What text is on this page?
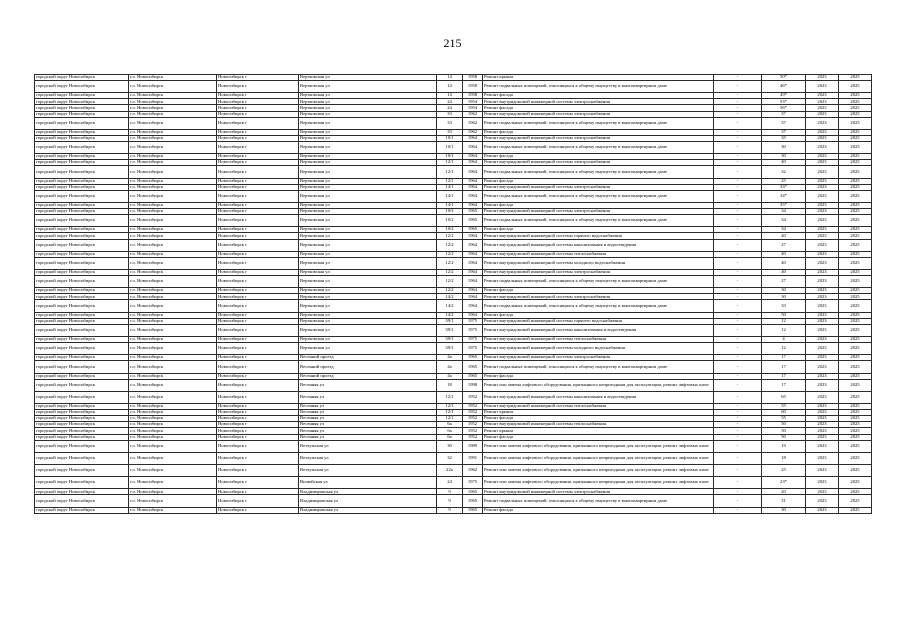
215
городской округ Новосибирск	г.о. Новосибирск	Новосибирск г	Вертковская ул	14	1958	Ремонт крыши	-	50*	2023	2025
городской округ Новосибирск	г.о. Новосибирск	Новосибирск г	Вертковская ул	14	1958	Ремонт подвальных помещений, относящихся к общему имуществу в многоквартирном доме	-	46*	2023	2025
городской округ Новосибирск	г.о. Новосибирск	Новосибирск г	Вертковская ул	14	1958	Ремонт фасада	-	49*	2023	2025
городской округ Новосибирск	г.о. Новосибирск	Новосибирск г	Вертковская ул	24	1954	Ремонт внутридомовой инженерной системы электроснабжения	-	53*	2023	2025
городской округ Новосибирск	г.о. Новосибирск	Новосибирск г	Вертковская ул	24	1954	Ремонт фасада	-	56*	2023	2025
городской округ Новосибирск	г.о. Новосибирск	Новосибирск г	Вертковская ул	33	1962	Ремонт внутридомовой инженерной системы электроснабжения	-	37	2023	2025
городской округ Новосибирск	г.о. Новосибирск	Новосибирск г	Вертковская ул	33	1962	Ремонт подвальных помещений, относящихся к общему имуществу в многоквартирном доме	-	37	2023	2025
городской округ Новосибирск	г.о. Новосибирск	Новосибирск г	Вертковская ул	33	1962	Ремонт фасада	-	37	2023	2025
городской округ Новосибирск	г.о. Новосибирск	Новосибирск г	Вертковская ул	10/1	1964	Ремонт внутридомовой инженерной системы электроснабжения	-	35	2023	2025
городской округ Новосибирск	г.о. Новосибирск	Новосибирск г	Вертковская ул	10/1	1964	Ремонт подвальных помещений, относящихся к общему имуществу в многоквартирном доме	-	30	2023	2025
городской округ Новосибирск	г.о. Новосибирск	Новосибирск г	Вертковская ул	10/1	1964	Ремонт фасада	-	30	2023	2025
городской округ Новосибирск	г.о. Новосибирск	Новосибирск г	Вертковская ул	12/1	1964	Ремонт внутридомовой инженерной системы электроснабжения	-	40	2023	2025
городской округ Новосибирск	г.о. Новосибирск	Новосибирск г	Вертковская ул	12/1	1964	Ремонт подвальных помещений, относящихся к общему имуществу в многоквартирном доме	-	32	2023	2025
городской округ Новосибирск	г.о. Новосибирск	Новосибирск г	Вертковская ул	12/1	1964	Ремонт фасада	-	25	2023	2025
городской округ Новосибирск	г.о. Новосибирск	Новосибирск г	Вертковская ул	14/1	1964	Ремонт внутридомовой инженерной системы электроснабжения	-	33*	2023	2025
городской округ Новосибирск	г.о. Новосибирск	Новосибирск г	Вертковская ул	14/1	1964	Ремонт подвальных помещений, относящихся к общему имуществу в многоквартирном доме	-	34*	2023	2025
городской округ Новосибирск	г.о. Новосибирск	Новосибирск г	Вертковская ул	14/1	1964	Ремонт фасада	-	35*	2023	2025
городской округ Новосибирск	г.о. Новосибирск	Новосибирск г	Вертковская ул	10/2	1965	Ремонт внутридомовой инженерной системы электроснабжения	-	34	2023	2025
городской округ Новосибирск	г.о. Новосибирск	Новосибирск г	Вертковская ул	10/2	1965	Ремонт подвальных помещений, относящихся к общему имуществу в многоквартирном доме	-	34	2023	2025
городской округ Новосибирск	г.о. Новосибирск	Новосибирск г	Вертковская ул	10/2	1965	Ремонт фасада	-	34	2023	2025
городской округ Новосибирск	г.о. Новосибирск	Новосибирск г	Вертковская ул	12/2	1964	Ремонт внутридомовой инженерной системы горячего водоснабжения	-	40	2023	2025
городской округ Новосибирск	г.о. Новосибирск	Новосибирск г	Вертковская ул	12/2	1964	Ремонт внутридомовой инженерной системы канализования и водоотведения	-	27	2023	2025
городской округ Новосибирск	г.о. Новосибирск	Новосибирск г	Вертковская ул	12/2	1964	Ремонт внутридомовой инженерной системы теплоснабжения	-	40	2023	2025
городской округ Новосибирск	г.о. Новосибирск	Новосибирск г	Вертковская ул	12/2	1964	Ремонт внутридомовой инженерной системы холодного водоснабжения	-	40	2023	2025
городской округ Новосибирск	г.о. Новосибирск	Новосибирск г	Вертковская ул	12/2	1964	Ремонт внутридомовой инженерной системы электроснабжения	-	40	2023	2025
городской округ Новосибирск	г.о. Новосибирск	Новосибирск г	Вертковская ул	12/2	1964	Ремонт подвальных помещений, относящихся к общему имуществу в многоквартирном доме	-	27	2023	2025
городской округ Новосибирск	г.о. Новосибирск	Новосибирск г	Вертковская ул	12/2	1964	Ремонт фасада	-	30	2023	2025
городской округ Новосибирск	г.о. Новосибирск	Новосибирск г	Вертковская ул	14/2	1964	Ремонт внутридомовой инженерной системы электроснабжения	-	30	2023	2025
городской округ Новосибирск	г.о. Новосибирск	Новосибирск г	Вертковская ул	14/2	1964	Ремонт подвальных помещений, относящихся к общему имуществу в многоквартирном доме	-	33	2023	2025
городской округ Новосибирск	г.о. Новосибирск	Новосибирск г	Вертковская ул	14/2	1964	Ремонт фасада	-	50	2023	2025
городской округ Новосибирск	г.о. Новосибирск	Новосибирск г	Вертковская ул	39/1	1975	Ремонт внутридомовой инженерной системы горячего водоснабжения	-	12	2023	2025
городской округ Новосибирск	г.о. Новосибирск	Новосибирск г	Вертковская ул	39/1	1975	Ремонт внутридомовой инженерной системы канализования и водоотведения	-	12	2023	2025
городской округ Новосибирск	г.о. Новосибирск	Новосибирск г	Вертковская ул	39/1	1975	Ремонт внутридомовой инженерной системы теплоснабжения	-	4	2023	2025
городской округ Новосибирск	г.о. Новосибирск	Новосибирск г	Вертковская ул	39/1	1975	Ремонт внутридомовой инженерной системы холодного водоснабжения	-	12	2023	2025
городской округ Новосибирск	г.о. Новосибирск	Новосибирск г	Весенний проезд	4а	1965	Ремонт внутридомовой инженерной системы электроснабжения	-	17	2023	2025
городской округ Новосибирск	г.о. Новосибирск	Новосибирск г	Весенний проезд	4а	1965	Ремонт подвальных помещений, относящихся к общему имуществу в многоквартирном доме	-	17	2023	2025
городской округ Новосибирск	г.о. Новосибирск	Новосибирск г	Весенний проезд	4а	1965	Ремонт фасада	-	17	2023	2025
городской округ Новосибирск	г.о. Новосибирск	Новосибирск г	Весенняя ул	18	1998	Ремонт или замена лифтового оборудования, признанного непригодным для эксплуатации, ремонт лифтовых шахт	-	17	2023	2025
городской округ Новосибирск	г.о. Новосибирск	Новосибирск г	Весенняя ул	12/1	1952	Ремонт внутридомовой инженерной системы канализования и водоотведения	-	65	2023	2025
городской округ Новосибирск	г.о. Новосибирск	Новосибирск г	Весенняя ул	12/1	1952	Ремонт внутридомовой инженерной системы теплоснабжения	-	55	2023	2025
городской округ Новосибирск	г.о. Новосибирск	Новосибирск г	Весенняя ул	12/1	1952	Ремонт крыши	-	60	2023	2025
городской округ Новосибирск	г.о. Новосибирск	Новосибирск г	Весенняя ул	12/1	1952	Ремонт фасада	-	55	2023	2025
городской округ Новосибирск	г.о. Новосибирск	Новосибирск г	Весенняя ул	6а	1952	Ремонт внутридомовой инженерной системы теплоснабжения	-	50	2023	2025
городской округ Новосибирск	г.о. Новосибирск	Новосибирск г	Весенняя ул	6а	1952	Ремонт крыши	-	50	2023	2025
городской округ Новосибирск	г.о. Новосибирск	Новосибирск г	Весенняя ул	6а	1952	Ремонт фасада	-	50	2023	2025
городской округ Новосибирск	г.о. Новосибирск	Новосибирск г	Ветлужская ул	30	1989	Ремонт или замена лифтового оборудования, признанного непригодным для эксплуатации, ремонт лифтовых шахт	-	19	2023	2025
городской округ Новосибирск	г.о. Новосибирск	Новосибирск г	Ветлужская ул	32	1991	Ремонт или замена лифтового оборудования, признанного непригодным для эксплуатации, ремонт лифтовых шахт	-	18	2023	2025
городской округ Новосибирск	г.о. Новосибирск	Новосибирск г	Ветлужская ул	22а	1962	Ремонт или замена лифтового оборудования, признанного непригодным для эксплуатации, ремонт лифтовых шахт	-	25	2023	2025
городской округ Новосибирск	г.о. Новосибирск	Новосибирск г	Вилюйская ул	24	1975	Ремонт или замена лифтового оборудования, признанного непригодным для эксплуатации, ремонт лифтовых шахт	-	23*	2023	2025
городской округ Новосибирск	г.о. Новосибирск	Новосибирск г	Владимировская ул	9	1965	Ремонт внутридомовой инженерной системы электроснабжения	-	20	2023	2025
городской округ Новосибирск	г.о. Новосибирск	Новосибирск г	Владимировская ул	9	1965	Ремонт подвальных помещений, относящихся к общему имуществу в многоквартирном доме	-	31	2023	2025
городской округ Новосибирск	г.о. Новосибирск	Новосибирск г	Владимировская ул	9	1965	Ремонт фасада	-	30	2023	2025
